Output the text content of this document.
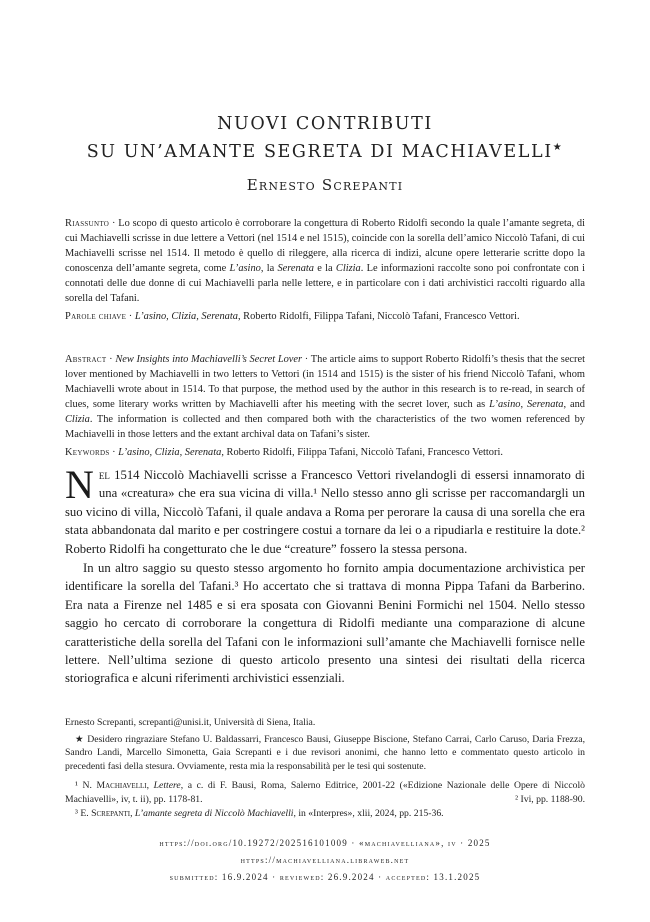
NUOVI CONTRIBUTI
SU UN’AMANTE SEGRETA DI MACHIAVELLI★
Ernesto Screpanti

Riassunto · Lo scopo di questo articolo è corroborare la congettura di Roberto Ridolfi secondo la quale l’amante segreta, di cui Machiavelli scrisse in due lettere a Vettori (nel 1514 e nel 1515), coincide con la sorella dell’amico Niccolò Tafani, di cui Machiavelli scrisse nel 1514. Il metodo è quello di rileggere, alla ricerca di indizi, alcune opere letterarie scritte dopo la conoscenza dell’amante segreta, come L’asino, la Serenata e la Clizia. Le informazioni raccolte sono poi confrontate con i connotati delle due donne di cui Machiavelli parla nelle lettere, e in particolare con i dati archivistici raccolti riguardo alla sorella del Tafani.

Parole chiave · L’asino, Clizia, Serenata, Roberto Ridolfi, Filippa Tafani, Niccolò Tafani, Francesco Vettori.

Abstract · New Insights into Machiavelli’s Secret Lover · The article aims to support Roberto Ridolfi’s thesis that the secret lover mentioned by Machiavelli in two letters to Vettori (in 1514 and 1515) is the sister of his friend Niccolò Tafani, whom Machiavelli wrote about in 1514. To that purpose, the method used by the author in this research is to re-read, in search of clues, some literary works written by Machiavelli after his meeting with the secret lover, such as L’asino, Serenata, and Clizia. The information is collected and then compared both with the characteristics of the two women referenced by Machiavelli in those letters and the extant archival data on Tafani’s sister.

Keywords · L’asino, Clizia, Serenata, Roberto Ridolfi, Filippa Tafani, Niccolò Tafani, Francesco Vettori.

Nel 1514 Niccolò Machiavelli scrisse a Francesco Vettori rivelandogli di essersi innamorato di una «creatura» che era sua vicina di villa.¹ Nello stesso anno gli scrisse per raccomandargli un suo vicino di villa, Niccolò Tafani, il quale andava a Roma per perorare la causa di una sorella che era stata abbandonata dal marito e per costringere costui a tornare da lei o a ripudiarla e restituire la dote.² Roberto Ridolfi ha congetturato che le due “creature” fossero la stessa persona.

In un altro saggio su questo stesso argomento ho fornito ampia documentazione archivistica per identificare la sorella del Tafani.³ Ho accertato che si trattava di monna Pippa Tafani da Barberino. Era nata a Firenze nel 1485 e si era sposata con Giovanni Benini Formichi nel 1504. Nello stesso saggio ho cercato di corroborare la congettura di Ridolfi mediante una comparazione di alcune caratteristiche della sorella del Tafani con le informazioni sull’amante che Machiavelli fornisce nelle lettere. Nell’ultima sezione di questo articolo presento una sintesi dei risultati della ricerca storiografica e alcuni riferimenti archivistici essenziali.

Ernesto Screpanti, screpanti@unisi.it, Università di Siena, Italia.

★ Desidero ringraziare Stefano U. Baldassarri, Francesco Bausi, Giuseppe Biscione, Stefano Carrai, Carlo Caruso, Daria Frezza, Sandro Landi, Marcello Simonetta, Gaia Screpanti e i due revisori anonimi, che hanno letto e commentato questo articolo in precedenti fasi della stesura. Ovviamente, resta mia la responsabilità per le tesi qui sostenute.

¹ N. Machiavelli, Lettere, a c. di F. Bausi, Roma, Salerno Editrice, 2001-22 («Edizione Nazionale delle Opere di Niccolò Machiavelli», iv, t. ii), pp. 1178-81.	² Ivi, pp. 1188-90.

³ E. Screpanti, L’amante segreta di Niccolò Machiavelli, in «Interpres», xlii, 2024, pp. 215-36.

https://doi.org/10.19272/202516101009 · «machiavelliana», iv · 2025
https://machiavelliana.libraweb.net
submitted: 16.9.2024 · reviewed: 26.9.2024 · accepted: 13.1.2025
